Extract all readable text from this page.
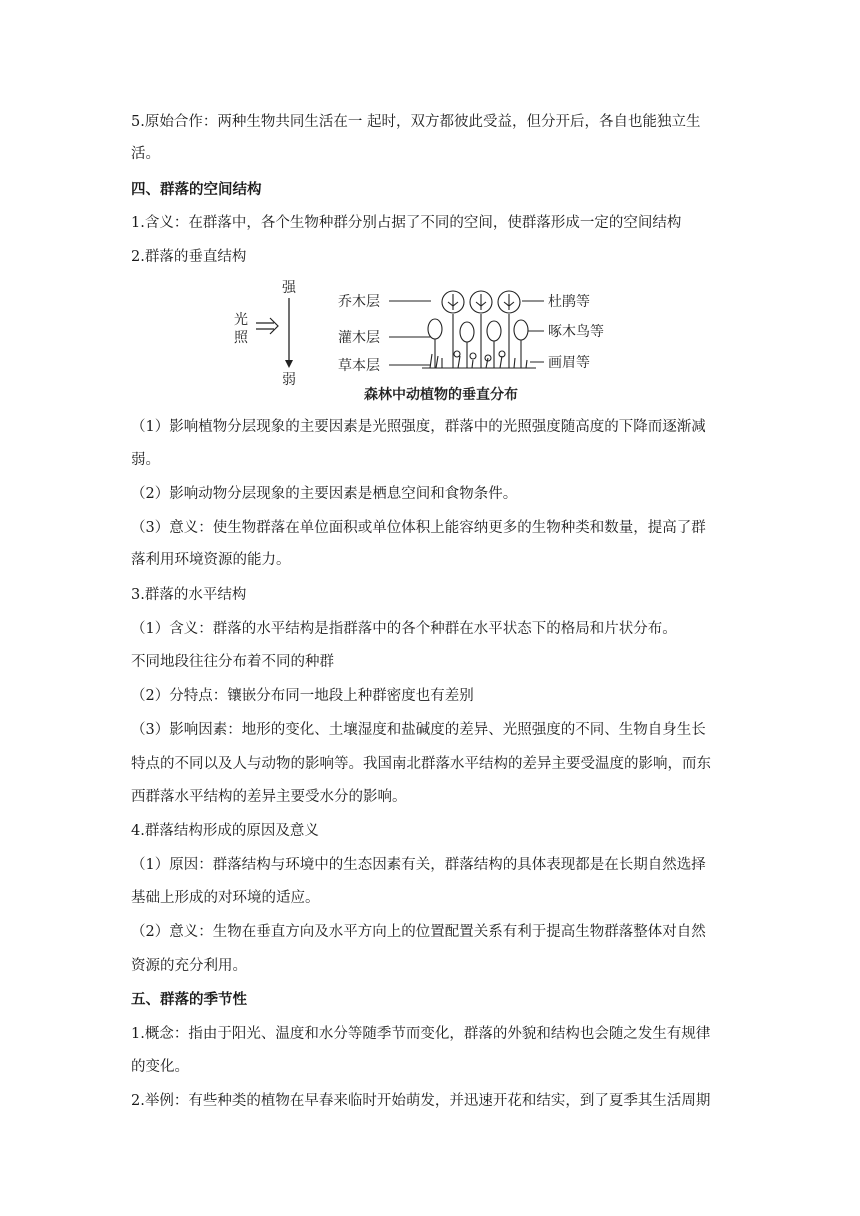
5.原始合作：两种生物共同生活在一 起时，双方都彼此受益，但分开后，各自也能独立生
活。
四、群落的空间结构
1.含义：在群落中，各个生物种群分别占据了不同的空间，使群落形成一定的空间结构
2.群落的垂直结构
强
弱
光
照
乔木层
灌木层
草本层
杜鹃等
啄木鸟等
画眉等
森林中动植物的垂直分布
（1）影响植物分层现象的主要因素是光照强度，群落中的光照强度随高度的下降而逐渐减
弱。
（2）影响动物分层现象的主要因素是栖息空间和食物条件。
（3）意义：使生物群落在单位面积或单位体积上能容纳更多的生物种类和数量，提高了群
落利用环境资源的能力。
3.群落的水平结构
（1）含义：群落的水平结构是指群落中的各个种群在水平状态下的格局和片状分布。
不同地段往往分布着不同的种群
（2）分特点：镶嵌分布同一地段上种群密度也有差别
（3）影响因素：地形的变化、土壤湿度和盐碱度的差异、光照强度的不同、生物自身生长
特点的不同以及人与动物的影响等。我国南北群落水平结构的差异主要受温度的影响，而东
西群落水平结构的差异主要受水分的影响。
4.群落结构形成的原因及意义
（1）原因：群落结构与环境中的生态因素有关，群落结构的具体表现都是在长期自然选择
基础上形成的对环境的适应。
（2）意义：生物在垂直方向及水平方向上的位置配置关系有利于提高生物群落整体对自然
资源的充分利用。
五、群落的季节性
1.概念：指由于阳光、温度和水分等随季节而变化，群落的外貌和结构也会随之发生有规律
的变化。
2.举例：有些种类的植物在早春来临时开始萌发，并迅速开花和结实，到了夏季其生活周期
